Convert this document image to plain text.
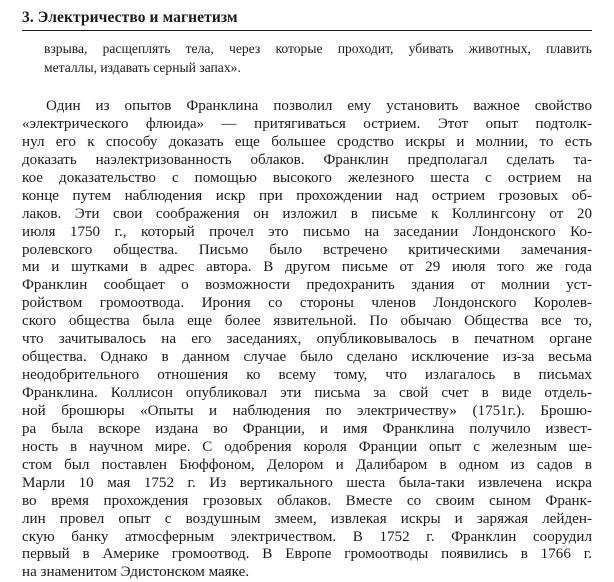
3. Электричество и магнетизм
взрыва, расщеплять тела, через которые проходит, убивать животных, плавить
металлы, издавать серный запах».
Один из опытов Франклина позволил ему установить важное свойство
«электрического флюида» — притягиваться острием. Этот опыт подтолк-
нул его к способу доказать еще большее сродство искры и молнии, то есть
доказать наэлектризованность облаков. Франклин предполагал сделать та-
кое доказательство с помощью высокого железного шеста с острием на
конце путем наблюдения искр при прохождении над острием грозовых об-
лаков. Эти свои соображения он изложил в письме к Коллингсону от 20
июля 1750 г., который прочел это письмо на заседании Лондонского Ко-
ролевского общества. Письмо было встречено критическими замечания-
ми и шутками в адрес автора. В другом письме от 29 июля того же года
Франклин сообщает о возможности предохранить здания от молнии уст-
ройством громоотвода. Ирония со стороны членов Лондонского Королев-
ского общества была еще более язвительной. По обычаю Общества все то,
что зачитывалось на его заседаниях, опубликовывалось в печатном органе
общества. Однако в данном случае было сделано исключение из-за весьма
неодобрительного отношения ко всему тому, что излагалось в письмах
Франклина. Коллисон опубликовал эти письма за свой счет в виде отдель-
ной брошюры «Опыты и наблюдения по электричеству» (1751г.). Брошю-
ра была вскоре издана во Франции, и имя Франклина получило извест-
ность в научном мире. С одобрения короля Франции опыт с железным ше-
стом был поставлен Бюффоном, Делором и Далибаром в одном из садов в
Марли 10 мая 1752 г. Из вертикального шеста была-таки извлечена искра
во время прохождения грозовых облаков. Вместе со своим сыном Франк-
лин провел опыт с воздушным змеем, извлекая искры и заряжая лейден-
скую банку атмосферным электричеством. В 1752 г. Франклин соорудил
первый в Америке громоотвод. В Европе громоотводы появились в 1766 г.
на знаменитом Эдистонском маяке.
